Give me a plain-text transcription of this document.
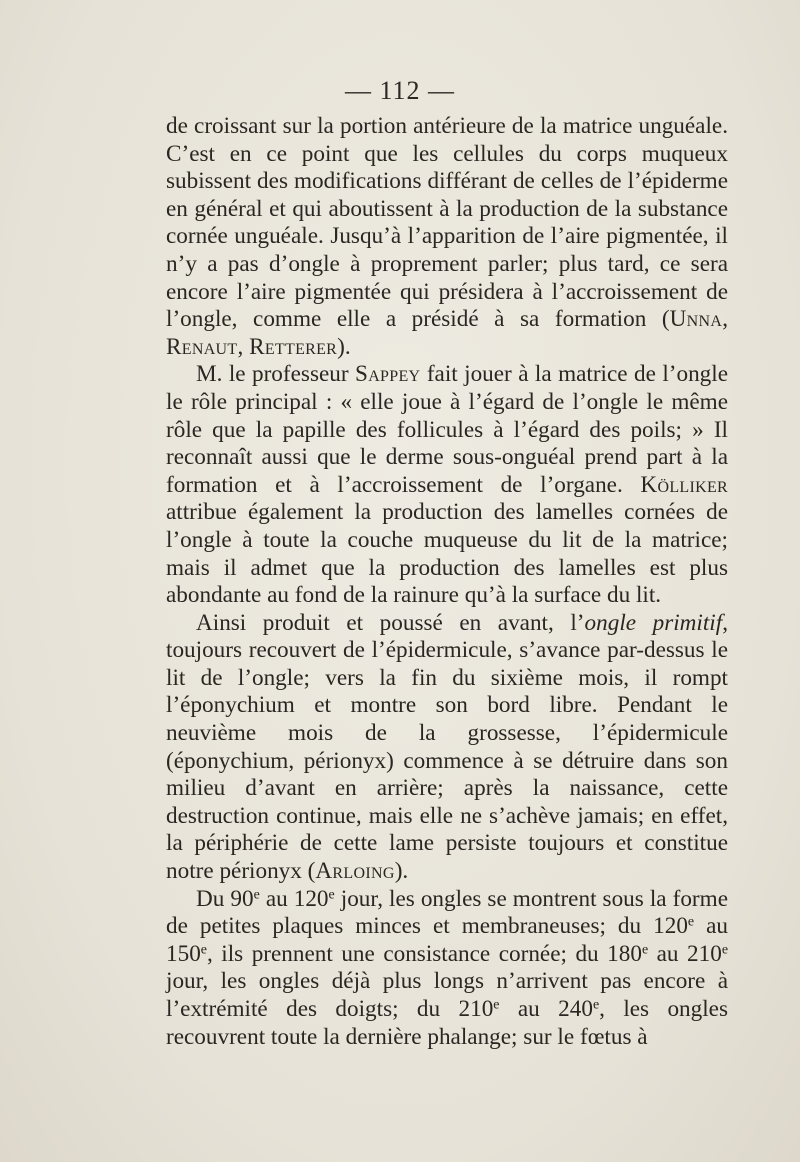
— 112 —

de croissant sur la portion antérieure de la matrice unguéale. C’est en ce point que les cellules du corps muqueux subissent des modifications différant de celles de l’épiderme en général et qui aboutissent à la production de la substance cornée unguéale. Jusqu’à l’apparition de l’aire pigmentée, il n’y a pas d’ongle à proprement parler; plus tard, ce sera encore l’aire pigmentée qui présidera à l’accroissement de l’ongle, comme elle a présidé à sa formation (Unna, Renaut, Retterer).

M. le professeur Sappey fait jouer à la matrice de l’ongle le rôle principal : « elle joue à l’égard de l’ongle le même rôle que la papille des follicules à l’égard des poils; » Il reconnaît aussi que le derme sous-onguéal prend part à la formation et à l’accroissement de l’organe. Kölliker attribue également la production des lamelles cornées de l’ongle à toute la couche muqueuse du lit de la matrice; mais il admet que la production des lamelles est plus abondante au fond de la rainure qu’à la surface du lit.

Ainsi produit et poussé en avant, l’ongle primitif, toujours recouvert de l’épidermicule, s’avance par-dessus le lit de l’ongle; vers la fin du sixième mois, il rompt l’éponychium et montre son bord libre. Pendant le neuvième mois de la grossesse, l’épidermicule (éponychium, périonyx) commence à se détruire dans son milieu d’avant en arrière; après la naissance, cette destruction continue, mais elle ne s’achève jamais; en effet, la périphérie de cette lame persiste toujours et constitue notre périonyx (Arloing).

Du 90e au 120e jour, les ongles se montrent sous la forme de petites plaques minces et membraneuses; du 120e au 150e, ils prennent une consistance cornée; du 180e au 210e jour, les ongles déjà plus longs n’arrivent pas encore à l’extrémité des doigts; du 210e au 240e, les ongles recouvrent toute la dernière phalange; sur le fœtus à
